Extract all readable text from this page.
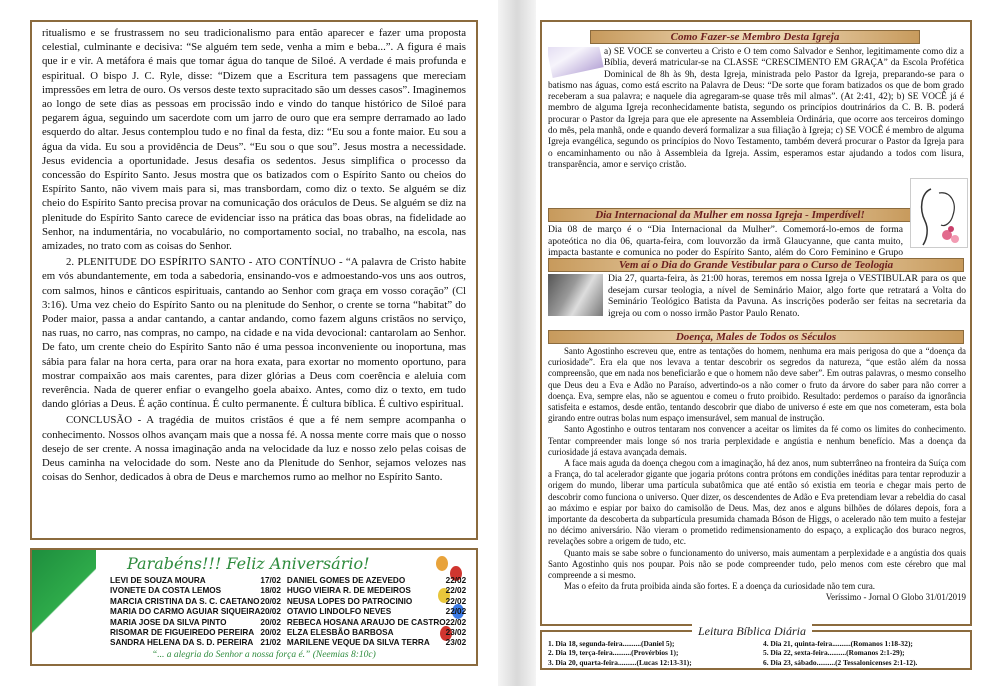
ritualismo e se frustrassem no seu tradicionalismo para então aparecer e fazer uma proposta celestial, culminante e decisiva: “Se alguém tem sede, venha a mim e beba...”. A figura é mais que ir e vir. A metáfora é mais que tomar água do tanque de Siloé. A verdade é mais profunda e espiritual. O bispo J. C. Ryle, disse: “Dizem que a Escritura tem passagens que mereciam impressões em letra de ouro. Os versos deste texto supracitado são um desses casos”. Imaginemos ao longo de sete dias as pessoas em procissão indo e vindo do tanque histórico de Siloé para pegarem água, seguindo um sacerdote com um jarro de ouro que era sempre derramado ao lado esquerdo do altar. Jesus contemplou tudo e no final da festa, diz: “Eu sou a fonte maior. Eu sou a água da vida. Eu sou a providência de Deus”. “Eu sou o que sou”. Jesus mostra a necessidade. Jesus evidencia a oportunidade. Jesus desafia os sedentos. Jesus simplifica o processo da concessão do Espírito Santo. Jesus mostra que os batizados com o Espírito Santo ou cheios do Espírito Santo, não vivem mais para si, mas transbordam, como diz o texto. Se alguém se diz cheio do Espírito Santo precisa provar na comunicação dos oráculos de Deus. Se alguém se diz na plenitude do Espírito Santo carece de evidenciar isso na prática das boas obras, na fidelidade ao Senhor, na indumentária, no vocabulário, no comportamento social, no trabalho, na escola, nas amizades, no trato com as coisas do Senhor.

2. PLENITUDE DO ESPÍRITO SANTO - ATO CONTÍNUO - “A palavra de Cristo habite em vós abundantemente, em toda a sabedoria, ensinando-vos e admoestando-vos uns aos outros, com salmos, hinos e cânticos espirituais, cantando ao Senhor com graça em vosso coração” (Cl 3:16). Uma vez cheio do Espírito Santo ou na plenitude do Senhor, o crente se torna “habitat” do Poder maior, passa a andar cantando, a cantar andando, como fazem alguns cristãos no serviço, nas ruas, no carro, nas compras, no campo, na cidade e na vida devocional: cantarolam ao Senhor. De fato, um crente cheio do Espírito Santo não é uma pessoa inconveniente ou inoportuna, mas sábia para falar na hora certa, para orar na hora exata, para exortar no momento oportuno, para mostrar compaixão aos mais carentes, para dizer glórias a Deus com coerência e aleluia com reverência. Nada de querer enfiar o evangelho goela abaixo. Antes, como diz o texto, em tudo dando glórias a Deus. É ação contínua. É culto permanente. É cultura bíblica. É cultivo espiritual.

CONCLUSÃO - A tragédia de muitos cristãos é que a fé nem sempre acompanha o conhecimento. Nossos olhos avançam mais que a nossa fé. A nossa mente corre mais que o nosso desejo de ser crente. A nossa imaginação anda na velocidade da luz e nosso zelo pelas coisas de Deus caminha na velocidade do som. Neste ano da Plenitude do Senhor, sejamos velozes nas coisas do Senhor, dedicados à obra de Deus e marchemos rumo ao melhor no Espírito Santo.

Parabéns!!! Feliz Aniversário!
LEVI DE SOUZA MOURA	17/02
IVONETE DA COSTA LEMOS	18/02
MARCIA CRISTINA DA S. C. CAETANO 20/02
MARIA DO CARMO AGUIAR SIQUEIRA 20/02
MARIA JOSE DA SILVA PINTO	20/02
RISOMAR DE FIGUEIREDO PEREIRA 20/02
SANDRA HELENA DA S. D. PEREIRA 21/02
DANIEL GOMES DE AZEVEDO	22/02
HUGO VIEIRA R. DE MEDEIROS	22/02
NEUSA LOPES DO PATROCINIO	22/02
OTAVIO LINDOLFO NEVES	22/02
REBECA HOSANA ARAUJO DE CASTRO 22/02
ELZA ELESBÃO BARBOSA	23/02
MARILENE VEQUE DA SILVA TERRA 23/02
“... a alegria do Senhor a nossa força é.” (Neemias 8:10c)
Como Fazer-se Membro Desta Igreja
a) SE VOCÊ se converteu a Cristo e O tem como Salvador e Senhor, legitimamente como diz a Bíblia, deverá matricular-se na CLASSE “CRESCIMENTO EM GRAÇA” da Escola Profética Dominical de 8h às 9h, desta Igreja, ministrada pelo Pastor da Igreja, preparando-se para o batismo nas águas, como está escrito na Palavra de Deus: “De sorte que foram batizados os que de bom grado receberam a sua palavra; e naquele dia agregaram-se quase três mil almas”. (At 2:41, 42); b) SE VOCÊ já é membro de alguma Igreja reconhecidamente batista, segundo os princípios doutrinários da C. B. B. poderá procurar o Pastor da Igreja para que ele apresente na Assembleia Ordinária, que ocorre aos terceiros domingo do mês, pela manhã, onde e quando deverá formalizar a sua filiação à Igreja; c) SE VOCÊ é membro de alguma Igreja evangélica, segundo os princípios do Novo Testamento, também deverá procurar o Pastor da Igreja para o encaminhamento ou não à Assembleia da Igreja. Assim, esperamos estar ajudando a todos com lisura, transparência, amor e serviço cristão.
Dia Internacional da Mulher em nossa Igreja - Imperdível!
Dia 08 de março é o “Dia Internacional da Mulher”. Comemorá-lo-emos de forma apoteótica no dia 06, quarta-feira, com louvorzão da irmã Glaucyanne, que canta muito, impacta bastante e comunica no poder do Espírito Santo, além do Coro Feminino e Grupo
Vem aí o Dia do Grande Vestibular para o Curso de Teologia
Dia 27, quarta-feira, às 21:00 horas, teremos em nossa Igreja o VESTIBULAR para os que desejam cursar teologia, a nível de Seminário Maior, algo forte que retratará a Volta do Seminário Teológico Batista da Pavuna. As inscrições poderão ser feitas na secretaria da igreja ou com o nosso irmão Pastor Paulo Renato.
Doença, Males de Todos os Séculos

Santo Agostinho escreveu que, entre as tentações do homem, nenhuma era mais perigosa do que a “doença da curiosidade”. Era ela que nos levava a tentar descobrir os segredos da natureza, “que estão além da nossa compreensão, que em nada nos beneficiarão e que o homem não deve saber”. Em outras palavras, o mesmo conselho que Deus deu a Eva e Adão no Paraíso, advertindo-os a não comer o fruto da árvore do saber para não correr a doença. Eva, sempre elas, não se aguentou e comeu o fruto proibido. Resultado: perdemos o paraíso da ignorância satisfeita e estamos, desde então, tentando descobrir que diabo de universo é este em que nos cometeram, esta bola girando entre outras bolas num espaço imensurável, sem manual de instrução.

Santo Agostinho e outros tentaram nos convencer a aceitar os limites da fé como os limites do conhecimento. Tentar compreender mais longe só nos traria perplexidade e angústia e nenhum benefício. Mas a doença da curiosidade já estava avançada demais.

A face mais aguda da doença chegou com a imaginação, há dez anos, num subterrâneo na fronteira da Suíça com a França, do tal acelerador gigante que jogaria prótons contra prótons em condições inéditas para tentar reproduzir a origem do mundo, liberar uma partícula subatômica que até então só existia em teoria e chegar mais perto de descobrir como funciona o universo. Quer dizer, os descendentes de Adão e Eva pretendiam levar a rebeldia do casal ao máximo e espiar por baixo do camisolão de Deus. Mas, dez anos e alguns bilhões de dólares depois, fora a importante da descoberta da subpartícula presumida chamada Bóson de Higgs, o acelerado não tem muito a festejar no décimo aniversário. Não vieram o prometido redimensionamento do espaço, a explicação dos buraco negros, revelações sobre a origem de tudo, etc.

Quanto mais se sabe sobre o funcionamento do universo, mais aumentam a perplexidade e a angústia dos quais Santo Agostinho quis nos poupar. Pois não se pode compreender tudo, pelo menos com este cérebro que mal compreende a si mesmo.

Mas o efeito da fruta proibida ainda são fortes. E a doença da curiosidade não tem cura.

Veríssimo - Jornal O Globo 31/01/2019
Leitura Bíblica Diária
1. Dia 18, segunda-feira..........(Daniel 5);
2. Dia 19, terça-feira..........(Provérbios 1);
3. Dia 20, quarta-feira..........(Lucas 12:13-31);
4. Dia 21, quinta-feira..........(Romanos 1:18-32);
5. Dia 22, sexta-feira..........(Romanos 2:1-29);
6. Dia 23, sábado..........(2 Tessalonicenses 2:1-12).
